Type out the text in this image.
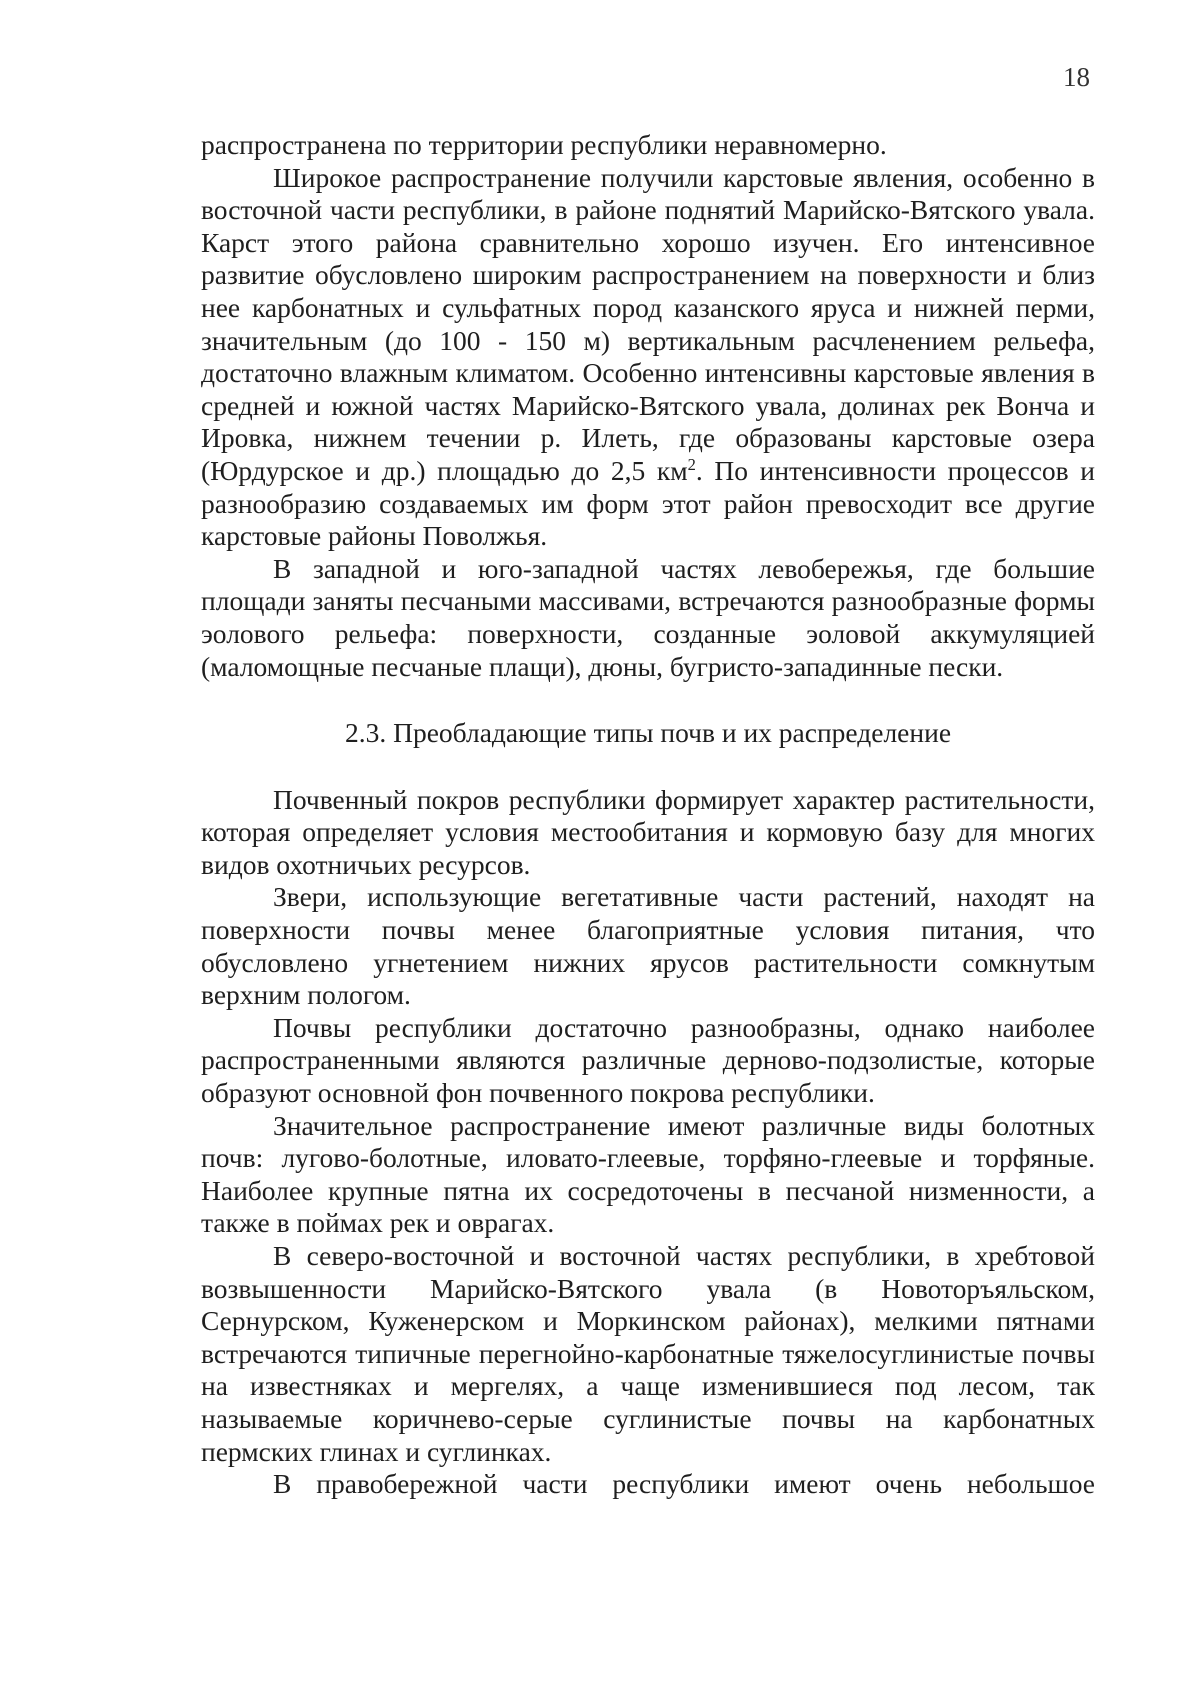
18

распространена по территории республики неравномерно.

Широкое распространение получили карстовые явления, особенно в восточной части республики, в районе поднятий Марийско-Вятского увала. Карст этого района сравнительно хорошо изучен. Его интенсивное развитие обусловлено широким распространением на поверхности и близ нее карбонатных и сульфатных пород казанского яруса и нижней перми, значительным (до 100 - 150 м) вертикальным расчленением рельефа, достаточно влажным климатом. Особенно интенсивны карстовые явления в средней и южной частях Марийско-Вятского увала, долинах рек Вонча и Ировка, нижнем течении р. Илеть, где образованы карстовые озера (Юрдурское и др.) площадью до 2,5 $км^2$. По интенсивности процессов и разнообразию создаваемых им форм этот район превосходит все другие карстовые районы Поволжья.

В западной и юго-западной частях левобережья, где большие площади заняты песчаными массивами, встречаются разнообразные формы эолового рельефа: поверхности, созданные эоловой аккумуляцией (маломощные песчаные плащи), дюны, бугристо-западинные пески.

2.3. Преобладающие типы почв и их распределение

Почвенный покров республики формирует характер растительности, которая определяет условия местообитания и кормовую базу для многих видов охотничьих ресурсов.

Звери, использующие вегетативные части растений, находят на поверхности почвы менее благоприятные условия питания, что обусловлено угнетением нижних ярусов растительности сомкнутым верхним пологом.

Почвы республики достаточно разнообразны, однако наиболее распространенными являются различные дерново-подзолистые, которые образуют основной фон почвенного покрова республики.

Значительное распространение имеют различные виды болотных почв: лугово-болотные, иловато-глеевые, торфяно-глеевые и торфяные. Наиболее крупные пятна их сосредоточены в песчаной низменности, а также в поймах рек и оврагах.

В северо-восточной и восточной частях республики, в хребтовой возвышенности Марийско-Вятского увала (в Новоторъяльском, Сернурском, Куженерском и Моркинском районах), мелкими пятнами встречаются типичные перегнойно-карбонатные тяжелосуглинистые почвы на известняках и мергелях, а чаще изменившиеся под лесом, так называемые коричнево-серые суглинистые почвы на карбонатных пермских глинах и суглинках.

В правобережной части республики имеют очень небольшое
